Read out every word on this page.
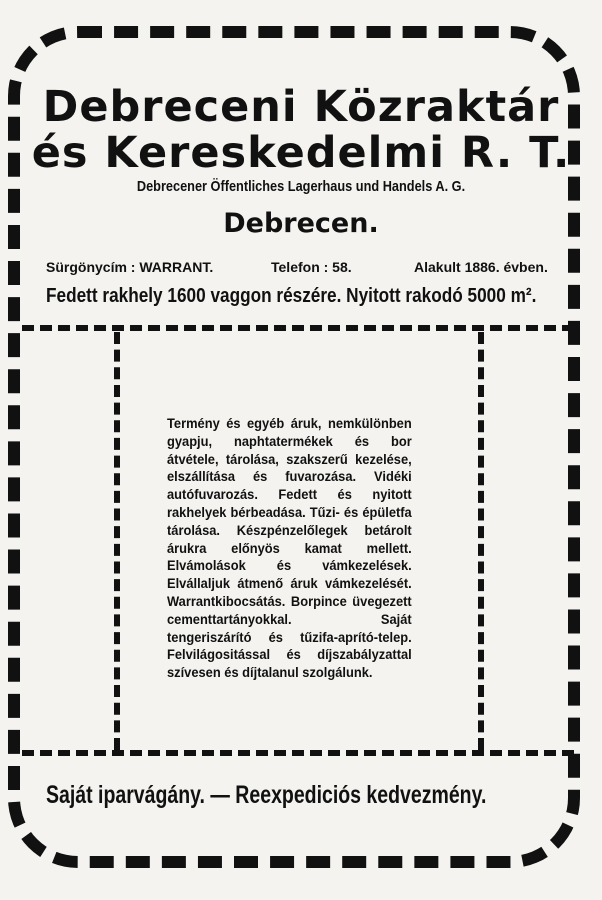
Debreceni Közraktár
és Kereskedelmi R. T.
Debrecener Öffentliches Lagerhaus und Handels A. G.
Debrecen.
Sürgönycím : WARRANT.	Telefon : 58.	Alakult 1886. évben.
Fedett rakhely 1600 vaggon részére. Nyitott rakodó 5000 m².
Termény és egyéb áruk, nemkülönben gyapju, naphtatermékek és bor átvétele, tárolása, szakszerű kezelése, elszállítása és fuvarozása. Vidéki autófuvarozás. Fedett és nyitott rakhelyek bérbeadása. Tűzi- és épületfa tárolása. Készpénzelőlegek betárolt árukra előnyös kamat mellett. Elvámolások és vámkezelések. Elvállaljuk átmenő áruk vámkezelését. Warrantkibocsátás. Borpince üvegezett cementtartányokkal. Saját tengeriszárító és tűzifa-aprító-telep. Felvilágositással és díjszabályzattal szívesen és díjtalanul szolgálunk.
Saját iparvágány. — Reexpediciós kedvezmény.
